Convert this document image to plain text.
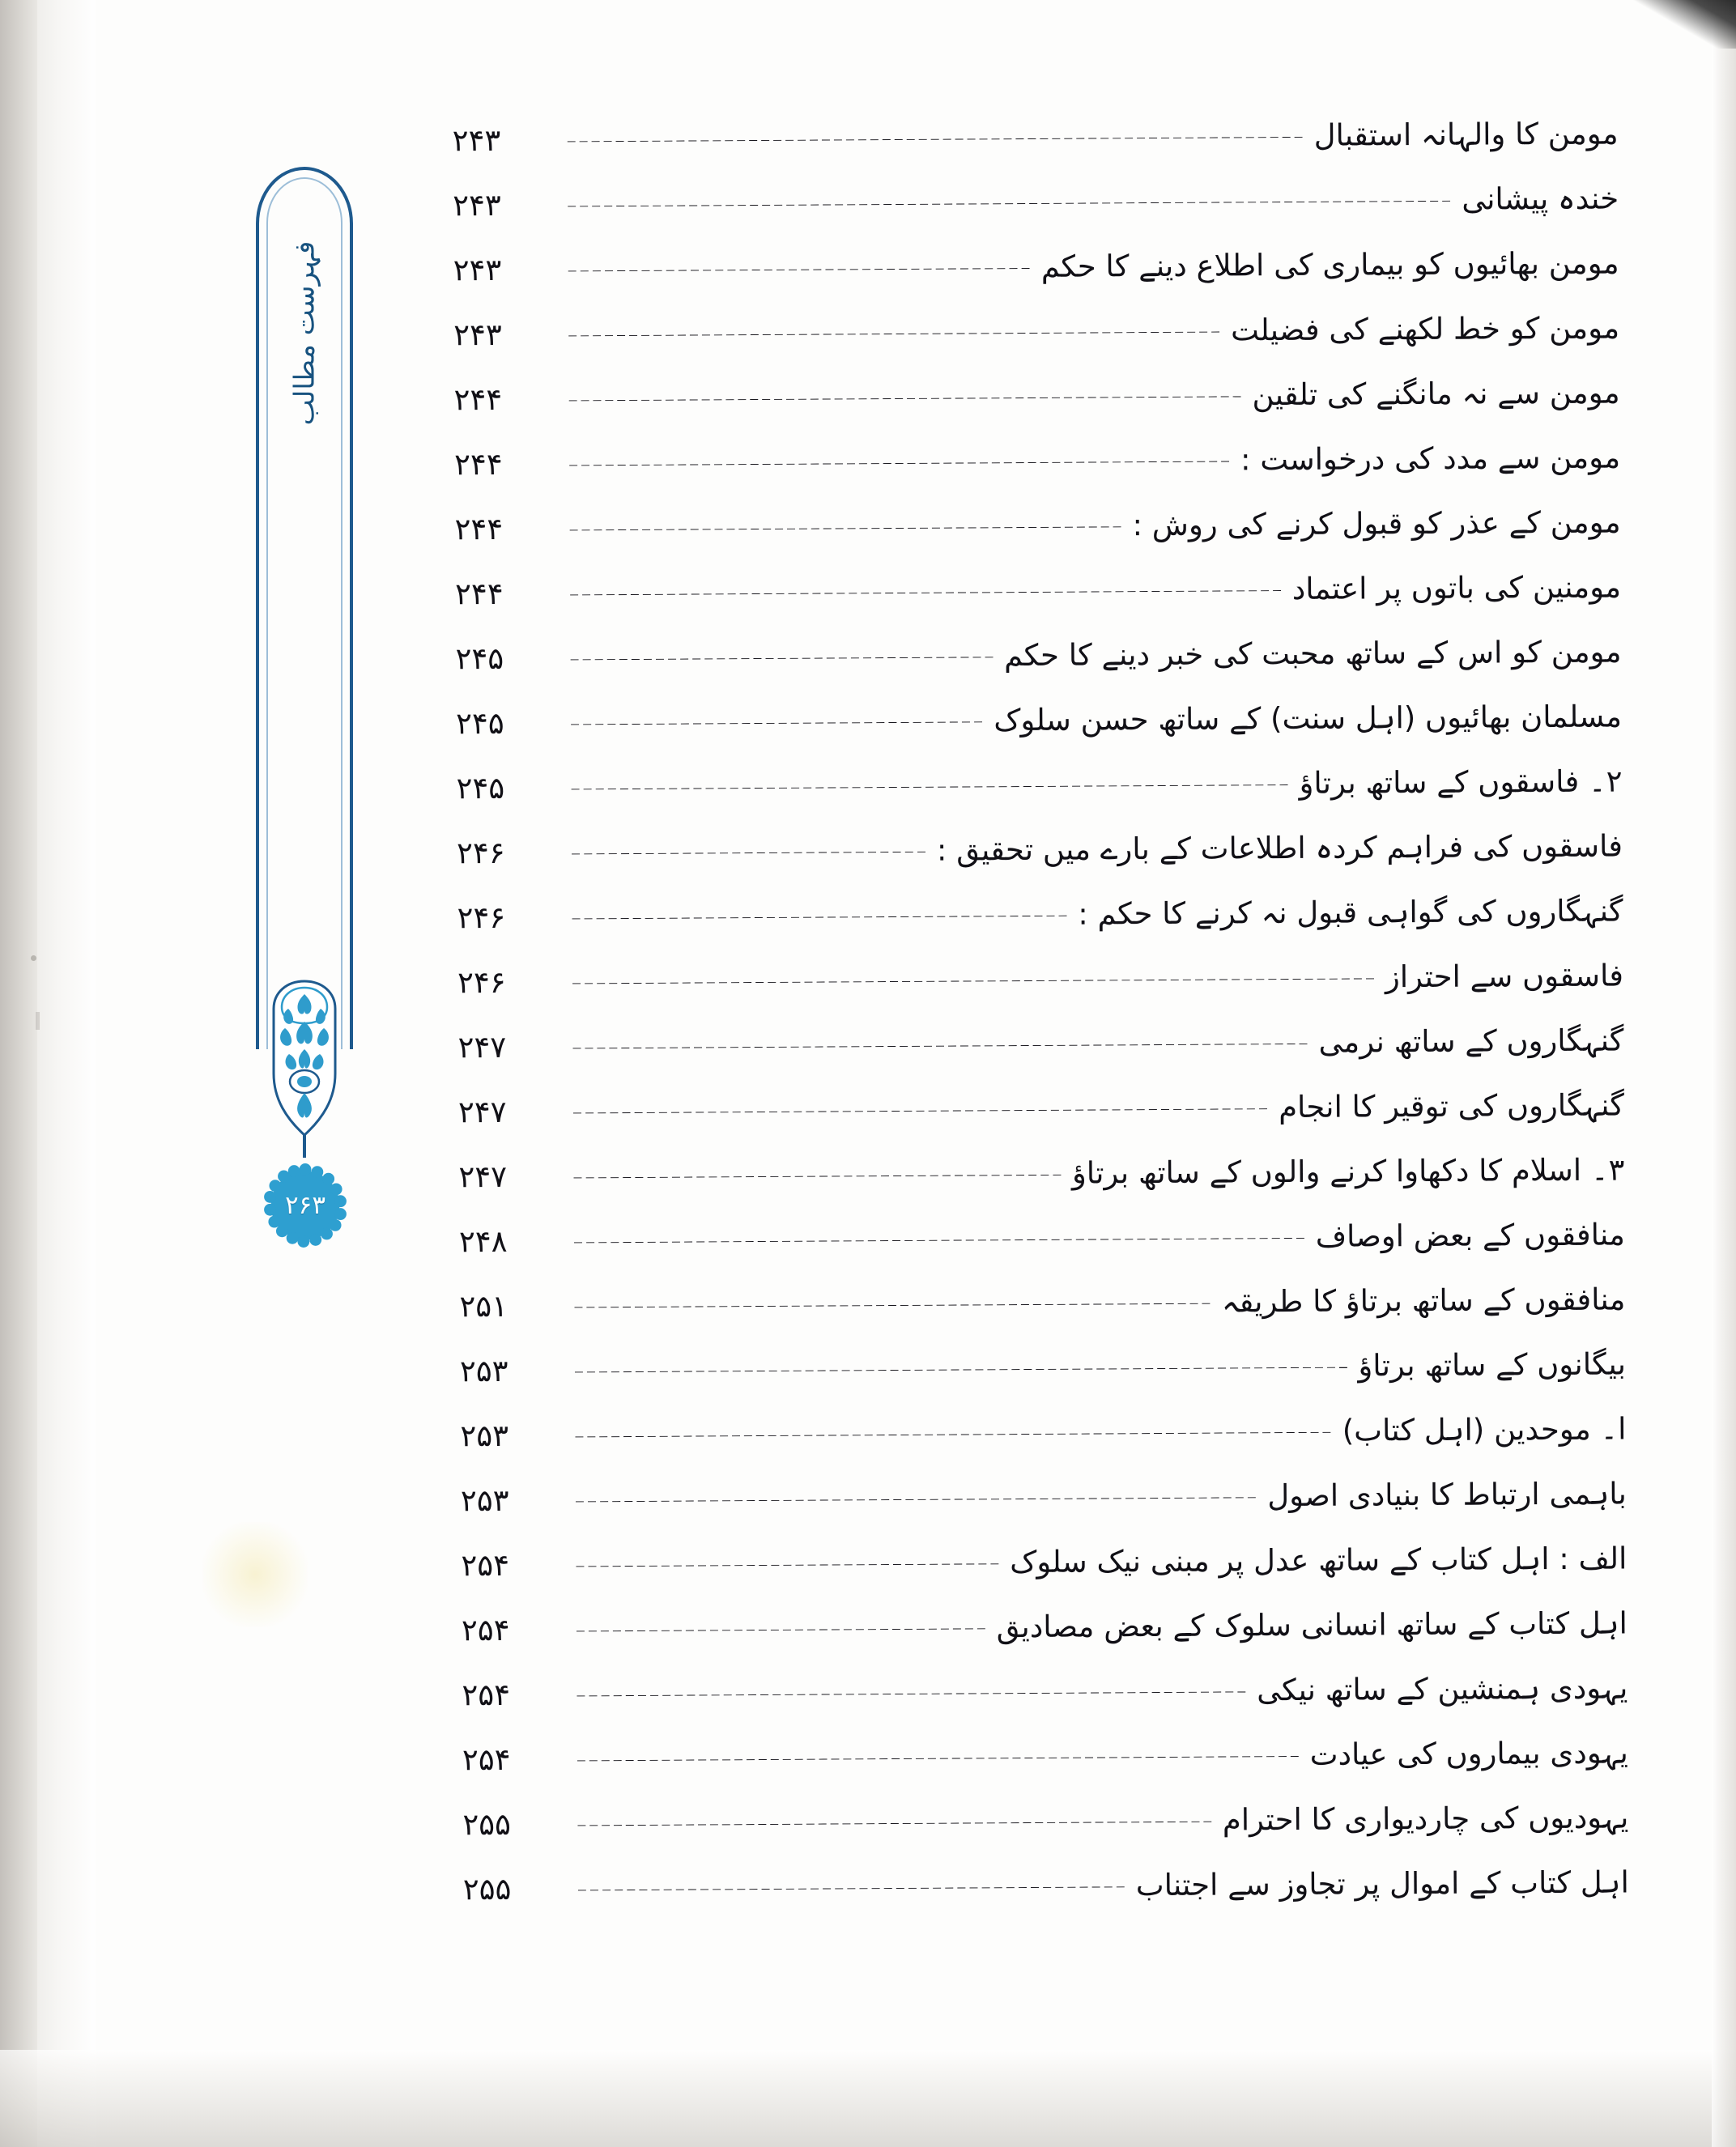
فہرست مطالب
۲۶۳
مومن کا والہانہ استقبال
۲۴۳
خندہ پیشانی
۲۴۳
مومن بھائیوں کو بیماری کی اطلاع دینے کا حکم
۲۴۳
مومن کو خط لکھنے کی فضیلت
۲۴۳
مومن سے نہ مانگنے کی تلقین
۲۴۴
مومن سے مدد کی درخواست :
۲۴۴
مومن کے عذر کو قبول کرنے کی روش :
۲۴۴
مومنین کی باتوں پر اعتماد
۲۴۴
مومن کو اس کے ساتھ محبت کی خبر دینے کا حکم
۲۴۵
مسلمان بھائیوں (اہل سنت) کے ساتھ حسن سلوک
۲۴۵
۲۔ فاسقوں کے ساتھ برتاؤ
۲۴۵
فاسقوں کی فراہم کردہ اطلاعات کے بارے میں تحقیق :
۲۴۶
گنہگاروں کی گواہی قبول نہ کرنے کا حکم :
۲۴۶
فاسقوں سے احتراز
۲۴۶
گنہگاروں کے ساتھ نرمی
۲۴۷
گنہگاروں کی توقیر کا انجام
۲۴۷
۳۔ اسلام کا دکھاوا کرنے والوں کے ساتھ برتاؤ
۲۴۷
منافقوں کے بعض اوصاف
۲۴۸
منافقوں کے ساتھ برتاؤ کا طریقہ
۲۵۱
بیگانوں کے ساتھ برتاؤ
۲۵۳
ا۔ موحدین (اہل کتاب)
۲۵۳
باہمی ارتباط کا بنیادی اصول
۲۵۳
الف : اہل کتاب کے ساتھ عدل پر مبنی نیک سلوک
۲۵۴
اہل کتاب کے ساتھ انسانی سلوک کے بعض مصادیق
۲۵۴
یہودی ہمنشین کے ساتھ نیکی
۲۵۴
یہودی بیماروں کی عیادت
۲۵۴
یہودیوں کی چاردیواری کا احترام
۲۵۵
اہل کتاب کے اموال پر تجاوز سے اجتناب
۲۵۵
